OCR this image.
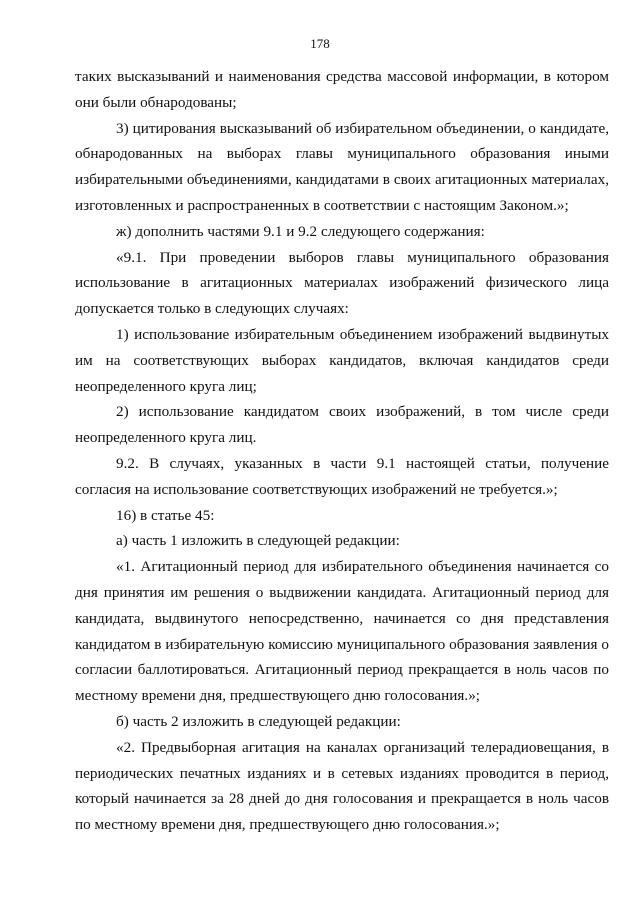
178

таких высказываний и наименования средства массовой информации, в котором они были обнародованы;

3) цитирования высказываний об избирательном объединении, о кандидате, обнародованных на выборах главы муниципального образования иными избирательными объединениями, кандидатами в своих агитационных материалах, изготовленных и распространенных в соответствии с настоящим Законом.»;

ж) дополнить частями 9.1 и 9.2 следующего содержания:

«9.1. При проведении выборов главы муниципального образования использование в агитационных материалах изображений физического лица допускается только в следующих случаях:

1) использование избирательным объединением изображений выдвинутых им на соответствующих выборах кандидатов, включая кандидатов среди неопределенного круга лиц;

2) использование кандидатом своих изображений, в том числе среди неопределенного круга лиц.

9.2. В случаях, указанных в части 9.1 настоящей статьи, получение согласия на использование соответствующих изображений не требуется.»;

16) в статье 45:

а) часть 1 изложить в следующей редакции:

«1. Агитационный период для избирательного объединения начинается со дня принятия им решения о выдвижении кандидата. Агитационный период для кандидата, выдвинутого непосредственно, начинается со дня представления кандидатом в избирательную комиссию муниципального образования заявления о согласии баллотироваться. Агитационный период прекращается в ноль часов по местному времени дня, предшествующего дню голосования.»;

б) часть 2 изложить в следующей редакции:

«2. Предвыборная агитация на каналах организаций телерадиовещания, в периодических печатных изданиях и в сетевых изданиях проводится в период, который начинается за 28 дней до дня голосования и прекращается в ноль часов по местному времени дня, предшествующего дню голосования.»;
